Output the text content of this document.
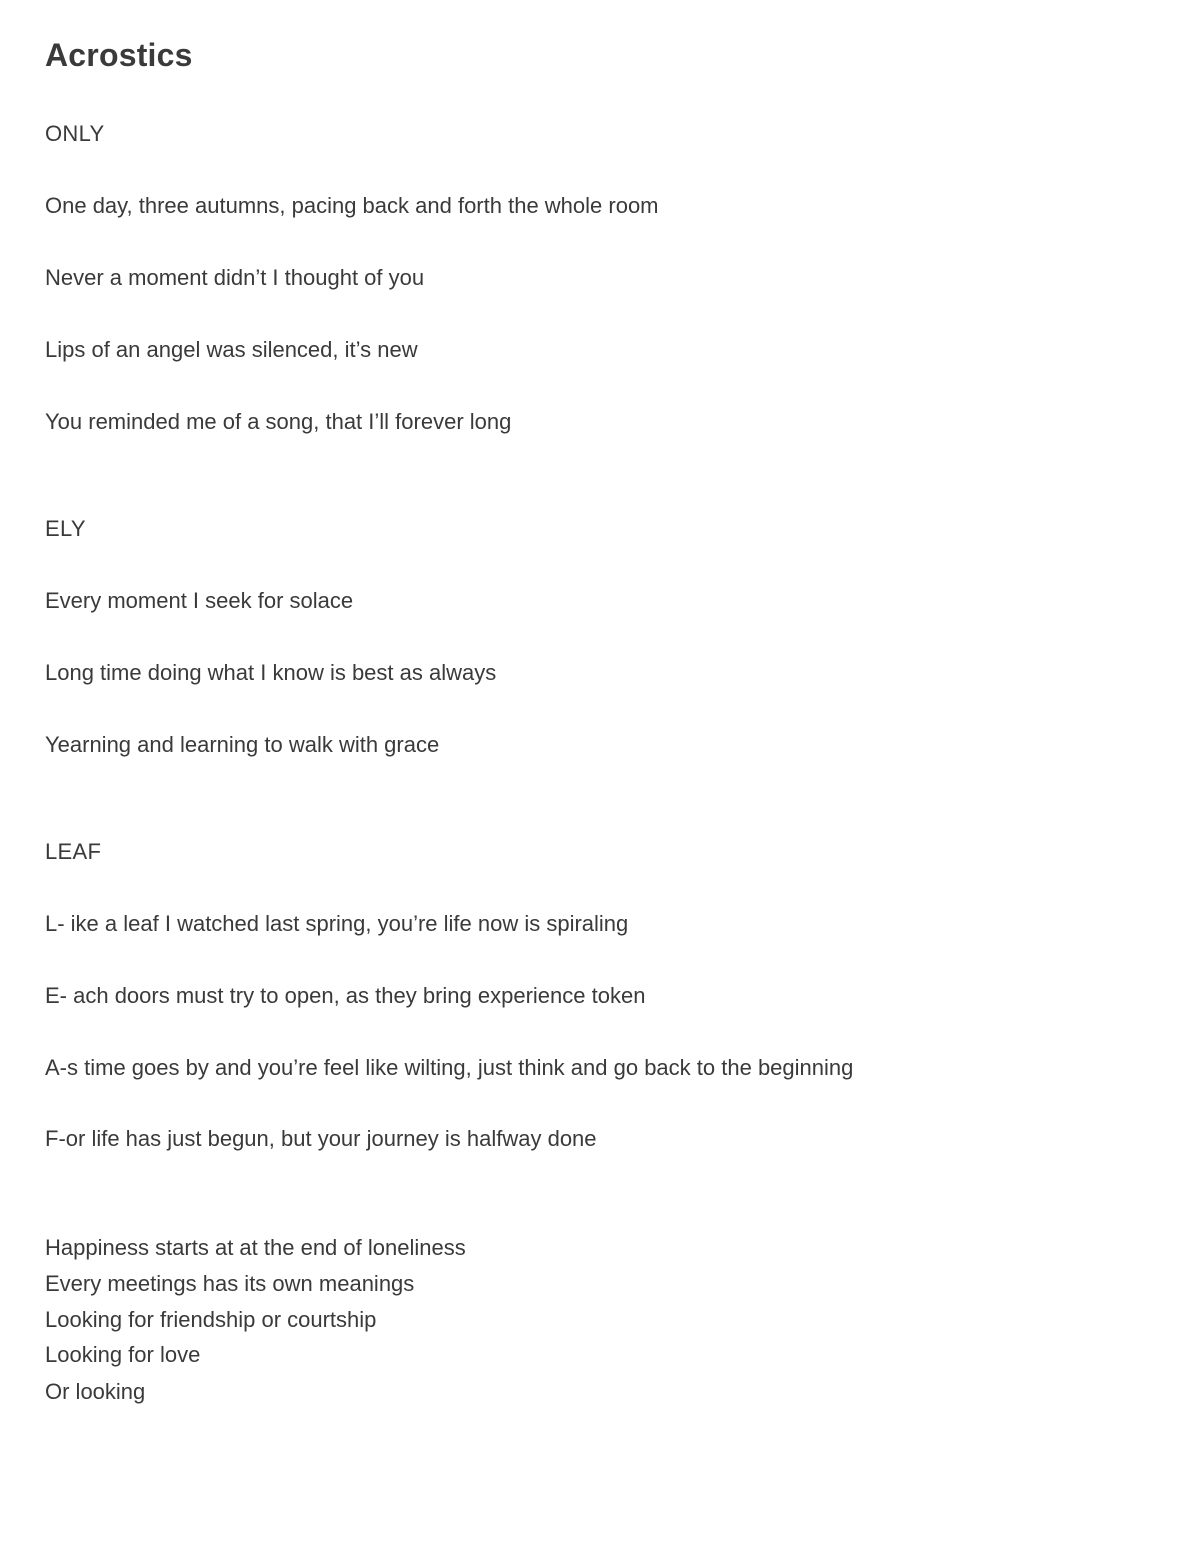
Acrostics

ONLY

One day, three autumns, pacing back and forth the whole room

Never a moment didn’t I thought of you

Lips of an angel was silenced, it’s new

You reminded me of a song, that I’ll forever long

ELY

Every moment I seek for solace

Long time doing what I know is best as always

Yearning and learning to walk with grace

LEAF

L- ike a leaf I watched last spring, you’re life now is spiraling

E- ach doors must try to open, as they bring experience token

A-s time goes by and you’re feel like wilting, just think and go back to the beginning

F-or life has just begun, but your journey is halfway done

Happiness starts at at the end of loneliness

Every meetings has its own meanings

Looking for friendship or courtship

Looking for love

Or looking
